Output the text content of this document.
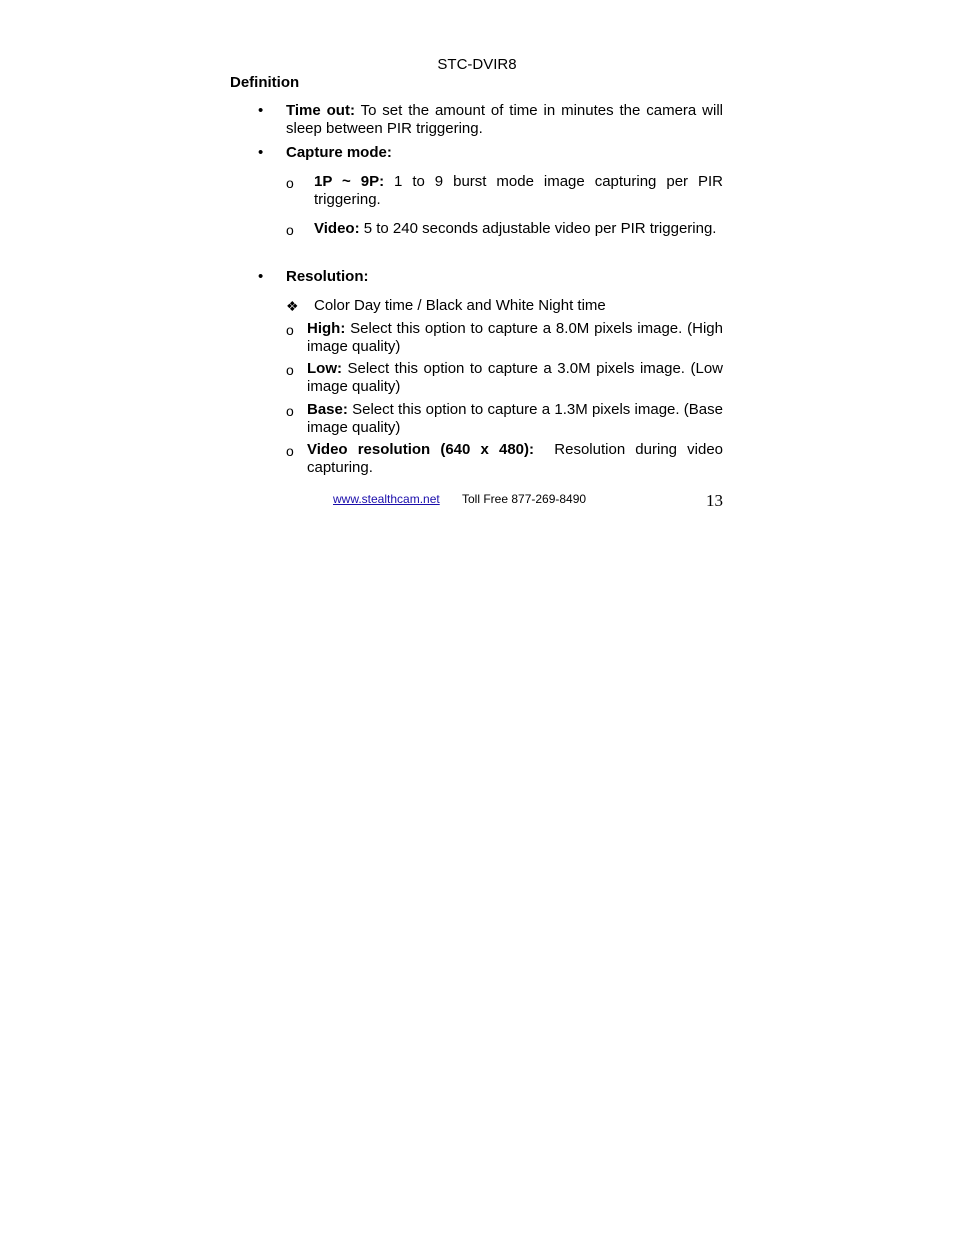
STC-DVIR8
Definition
•	Time out: To set the amount of time in minutes the camera will sleep between PIR triggering.
•	Capture mode:
o	1P ~ 9P: 1 to 9 burst mode image capturing per PIR triggering.
o	Video: 5 to 240 seconds adjustable video per PIR triggering.
•	Resolution:
❖ Color Day time / Black and White Night time
o High: Select this option to capture a 8.0M pixels image. (High image quality)
o Low: Select this option to capture a 3.0M pixels image. (Low image quality)
o Base: Select this option to capture a 1.3M pixels image. (Base image quality)
o Video resolution (640 x 480):  Resolution during video capturing.
www.stealthcam.net Toll Free 877-269-8490	13
